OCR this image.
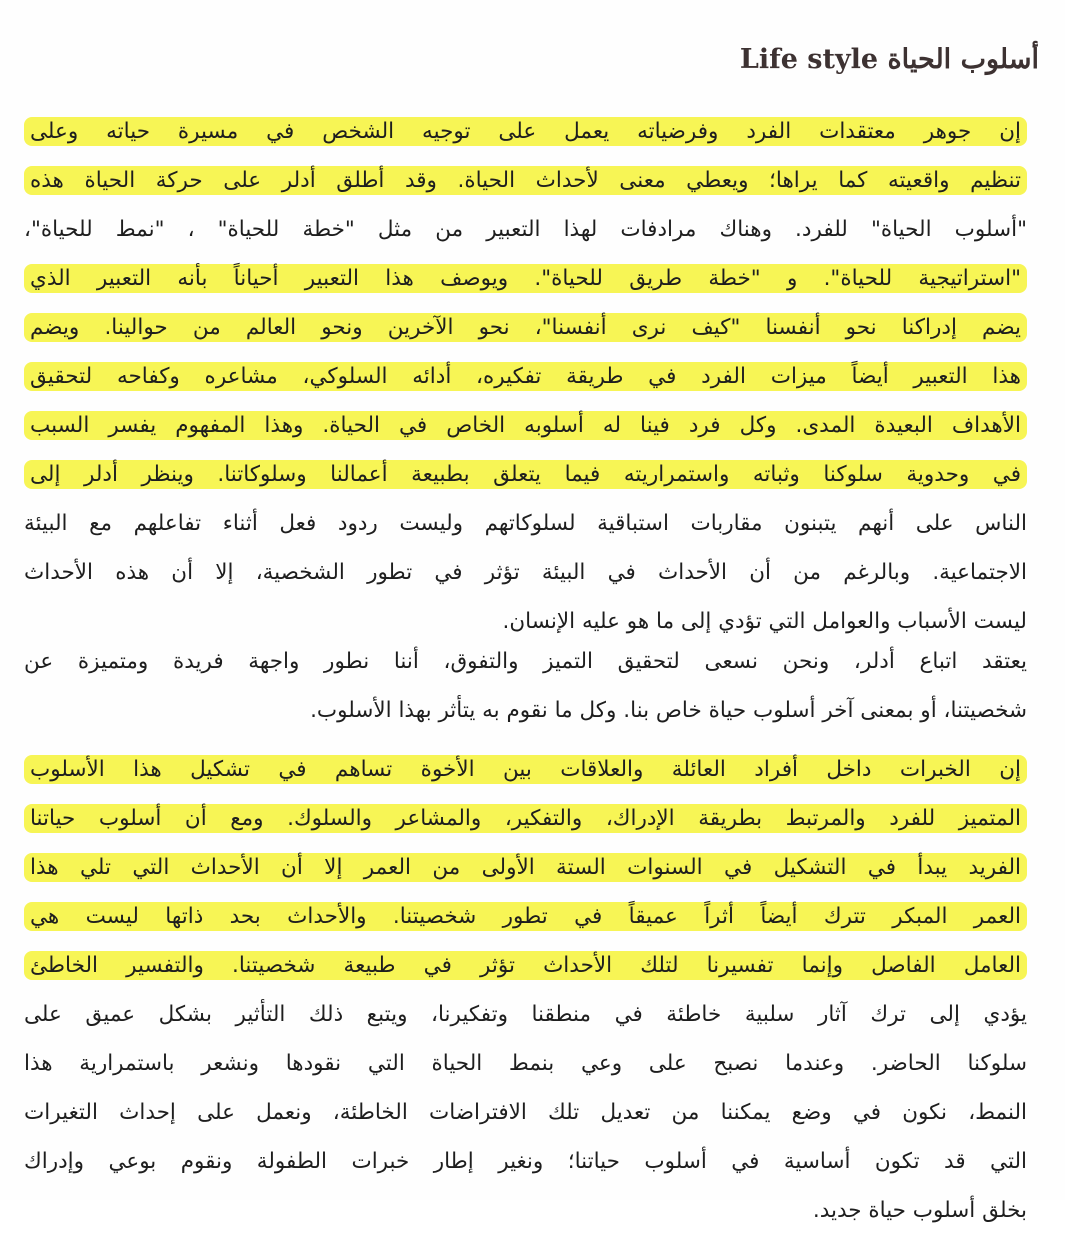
أسلوب الحياة Life style
إن جوهر معتقدات الفرد وفرضياته يعمل على توجيه الشخص في مسيرة حياته وعلى
تنظيم واقعيته كما يراها؛ ويعطي معنى لأحداث الحياة. وقد أطلق أدلر على حركة الحياة هذه
"أسلوب الحياة" للفرد. وهناك مرادفات لهذا التعبير من مثل "خطة للحياة" ، "نمط للحياة"،
"استراتيجية للحياة". و "خطة طريق للحياة". ويوصف هذا التعبير أحياناً بأنه التعبير الذي
يضم إدراكنا نحو أنفسنا "كيف نرى أنفسنا"، نحو الآخرين ونحو العالم من حوالينا. ويضم
هذا التعبير أيضاً ميزات الفرد في طريقة تفكيره، أدائه السلوكي، مشاعره وكفاحه لتحقيق
الأهداف البعيدة المدى. وكل فرد فينا له أسلوبه الخاص في الحياة. وهذا المفهوم يفسر السبب
في وحدوية سلوكنا وثباته واستمراريته فيما يتعلق بطبيعة أعمالنا وسلوكاتنا. وينظر أدلر إلى
الناس على أنهم يتبنون مقاربات استباقية لسلوكاتهم وليست ردود فعل أثناء تفاعلهم مع البيئة
الاجتماعية. وبالرغم من أن الأحداث في البيئة تؤثر في تطور الشخصية، إلا أن هذه الأحداث
ليست الأسباب والعوامل التي تؤدي إلى ما هو عليه الإنسان.
يعتقد اتباع أدلر، ونحن نسعى لتحقيق التميز والتفوق، أننا نطور واجهة فريدة ومتميزة عن
شخصيتنا، أو بمعنى آخر أسلوب حياة خاص بنا. وكل ما نقوم به يتأثر بهذا الأسلوب.
إن الخبرات داخل أفراد العائلة والعلاقات بين الأخوة تساهم في تشكيل هذا الأسلوب
المتميز للفرد والمرتبط بطريقة الإدراك، والتفكير، والمشاعر والسلوك. ومع أن أسلوب حياتنا
الفريد يبدأ في التشكيل في السنوات الستة الأولى من العمر إلا أن الأحداث التي تلي هذا
العمر المبكر تترك أيضاً أثراً عميقاً في تطور شخصيتنا. والأحداث بحد ذاتها ليست هي
العامل الفاصل وإنما تفسيرنا لتلك الأحداث تؤثر في طبيعة شخصيتنا. والتفسير الخاطئ
يؤدي إلى ترك آثار سلبية خاطئة في منطقنا وتفكيرنا، ويتبع ذلك التأثير بشكل عميق على
سلوكنا الحاضر. وعندما نصبح على وعي بنمط الحياة التي نقودها ونشعر باستمرارية هذا
النمط، نكون في وضع يمكننا من تعديل تلك الافتراضات الخاطئة، ونعمل على إحداث التغيرات
التي قد تكون أساسية في أسلوب حياتنا؛ ونغير إطار خبرات الطفولة ونقوم بوعي وإدراك
بخلق أسلوب حياة جديد.
